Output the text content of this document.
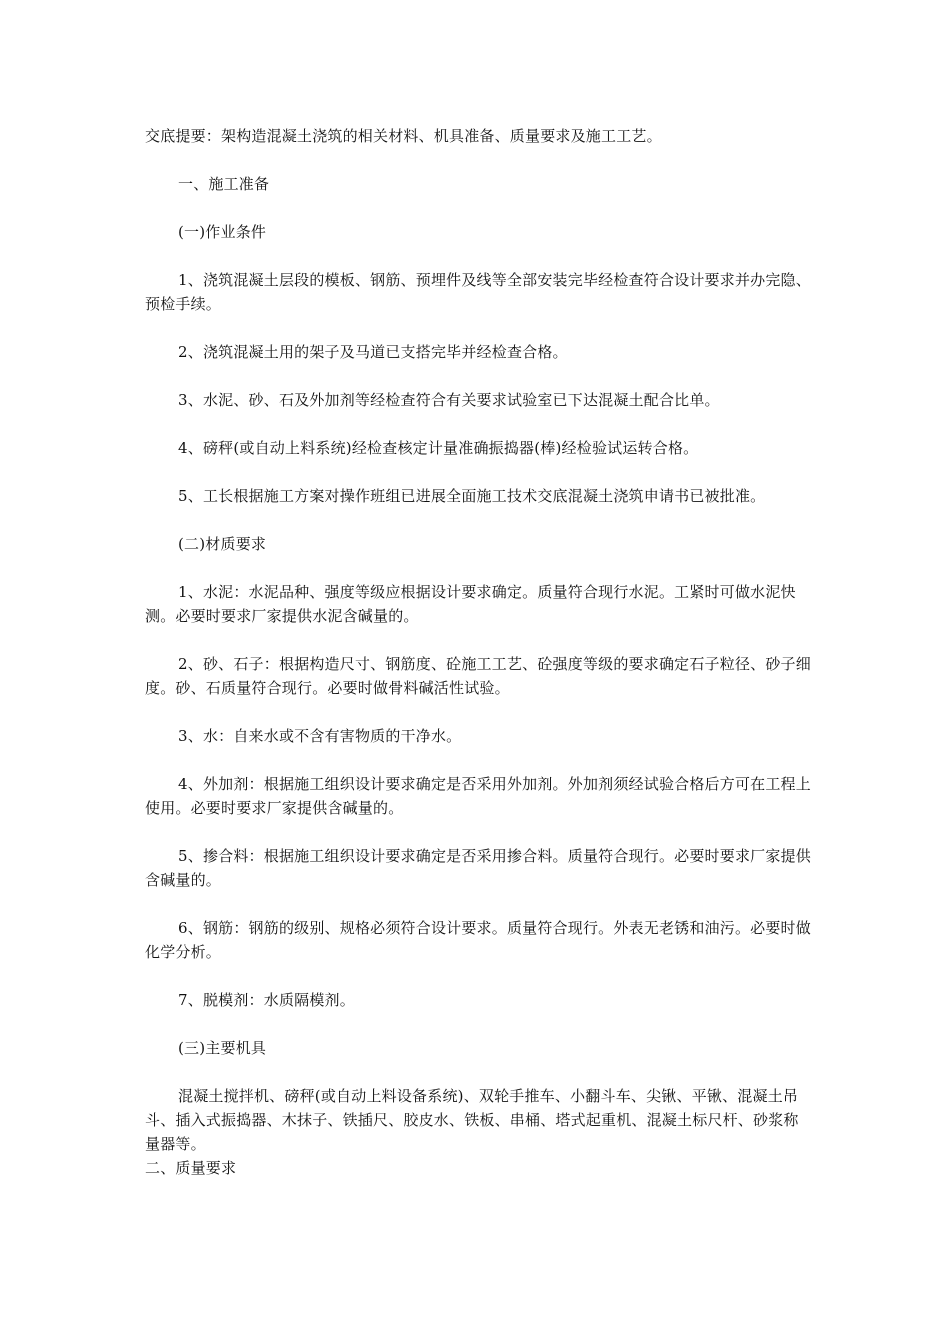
交底提要：架构造混凝土浇筑的相关材料、机具准备、质量要求及施工工艺。

一、施工准备

(一)作业条件

1、浇筑混凝土层段的模板、钢筋、预埋件及线等全部安装完毕经检查符合设计要求并办完隐、预检手续。

2、浇筑混凝土用的架子及马道已支搭完毕并经检查合格。

3、水泥、砂、石及外加剂等经检查符合有关要求试验室已下达混凝土配合比单。

4、磅秤(或自动上料系统)经检查核定计量准确振捣器(棒)经检验试运转合格。

5、工长根据施工方案对操作班组已进展全面施工技术交底混凝土浇筑申请书已被批准。

(二)材质要求

1、水泥：水泥品种、强度等级应根据设计要求确定。质量符合现行水泥。工紧时可做水泥快测。必要时要求厂家提供水泥含碱量的。

2、砂、石子：根据构造尺寸、钢筋度、砼施工工艺、砼强度等级的要求确定石子粒径、砂子细度。砂、石质量符合现行。必要时做骨料碱活性试验。

3、水：自来水或不含有害物质的干净水。

4、外加剂：根据施工组织设计要求确定是否采用外加剂。外加剂须经试验合格后方可在工程上使用。必要时要求厂家提供含碱量的。

5、掺合料：根据施工组织设计要求确定是否采用掺合料。质量符合现行。必要时要求厂家提供含碱量的。

6、钢筋：钢筋的级别、规格必须符合设计要求。质量符合现行。外表无老锈和油污。必要时做化学分析。

7、脱模剂：水质隔模剂。

(三)主要机具

混凝土搅拌机、磅秤(或自动上料设备系统)、双轮手推车、小翻斗车、尖锹、平锹、混凝土吊斗、插入式振捣器、木抹子、铁插尺、胶皮水、铁板、串桶、塔式起重机、混凝土标尺杆、砂浆称量器等。

二、质量要求
